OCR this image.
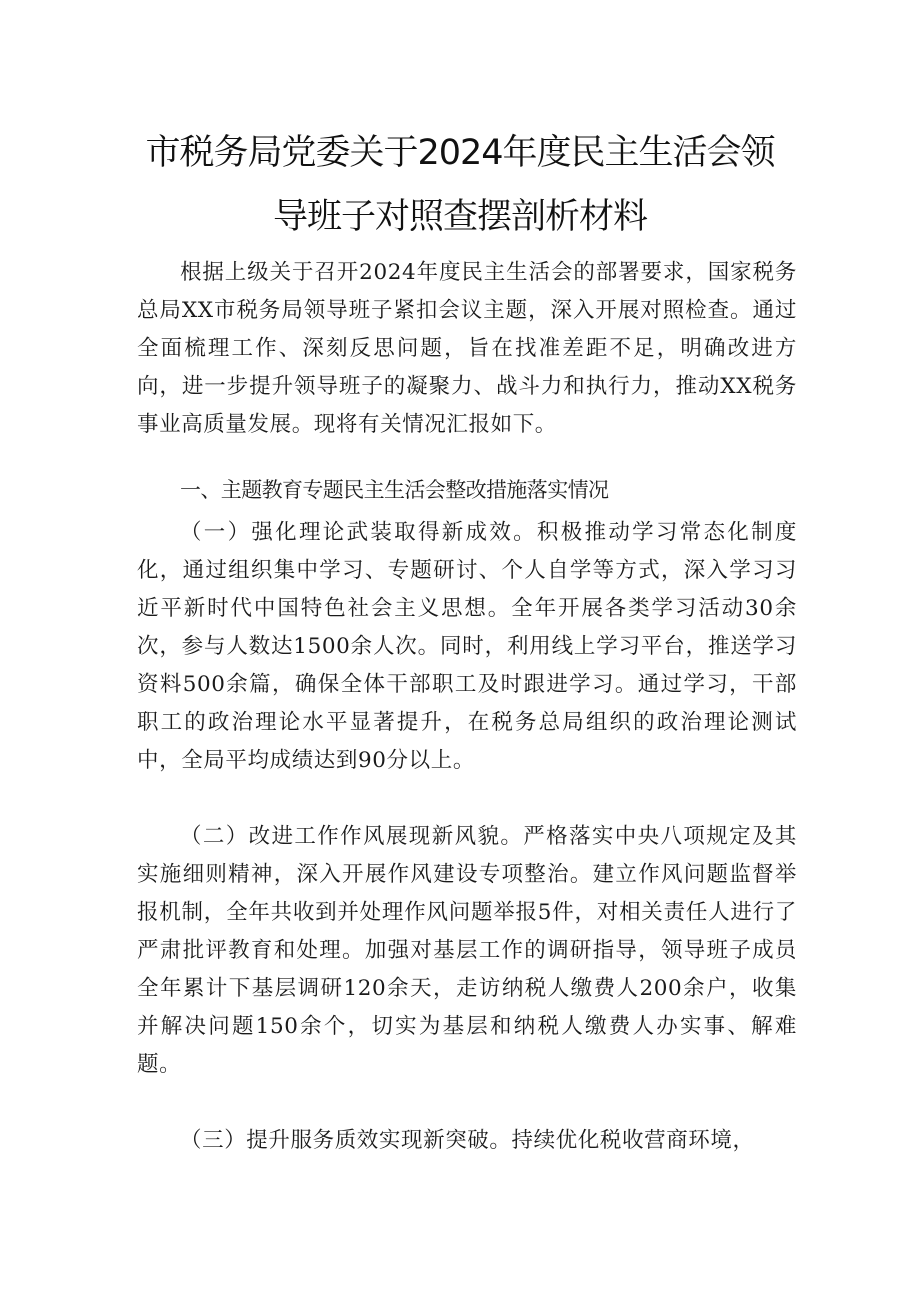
市税务局党委关于2024年度民主生活会领
导班子对照查摆剖析材料

根据上级关于召开2024年度民主生活会的部署要求，国家税务总局XX市税务局领导班子紧扣会议主题，深入开展对照检查。通过全面梳理工作、深刻反思问题，旨在找准差距不足，明确改进方向，进一步提升领导班子的凝聚力、战斗力和执行力，推动XX税务事业高质量发展。现将有关情况汇报如下。

一、主题教育专题民主生活会整改措施落实情况

（一）强化理论武装取得新成效。积极推动学习常态化制度化，通过组织集中学习、专题研讨、个人自学等方式，深入学习习近平新时代中国特色社会主义思想。全年开展各类学习活动30余次，参与人数达1500余人次。同时，利用线上学习平台，推送学习资料500余篇，确保全体干部职工及时跟进学习。通过学习，干部职工的政治理论水平显著提升，在税务总局组织的政治理论测试中，全局平均成绩达到90分以上。

（二）改进工作作风展现新风貌。严格落实中央八项规定及其实施细则精神，深入开展作风建设专项整治。建立作风问题监督举报机制，全年共收到并处理作风问题举报5件，对相关责任人进行了严肃批评教育和处理。加强对基层工作的调研指导，领导班子成员全年累计下基层调研120余天，走访纳税人缴费人200余户，收集并解决问题150余个，切实为基层和纳税人缴费人办实事、解难题。

（三）提升服务质效实现新突破。持续优化税收营商环境，
